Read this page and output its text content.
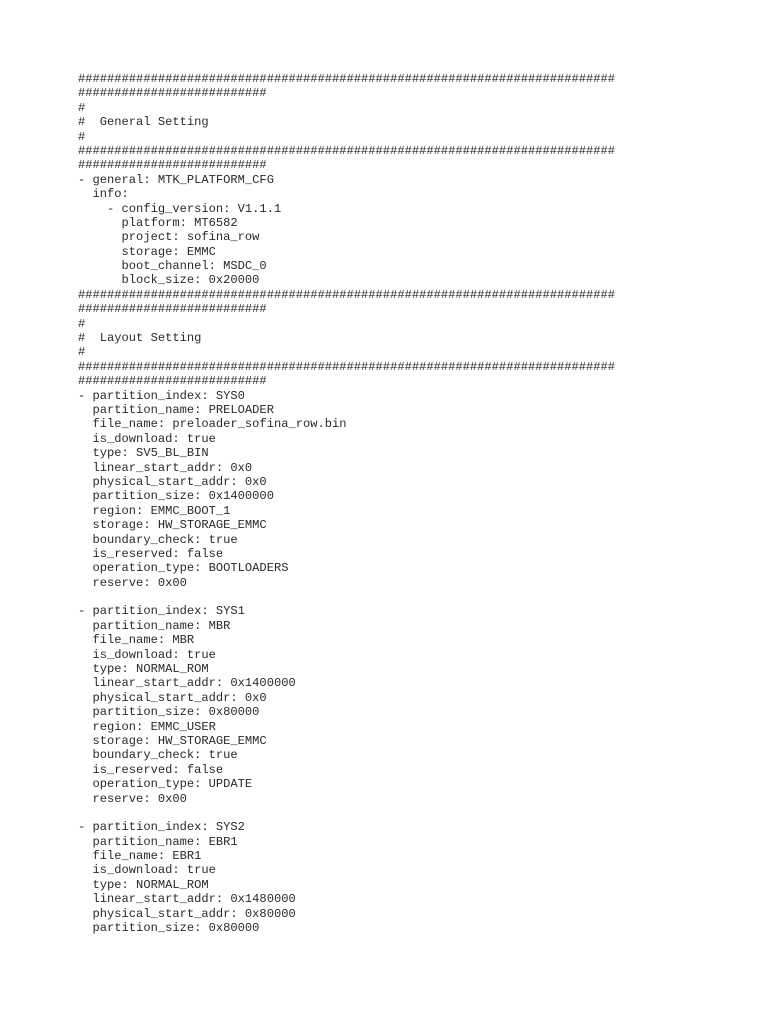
##########################################################################
##########################
#
#  General Setting
#
##########################################################################
##########################
- general: MTK_PLATFORM_CFG
info:
- config_version: V1.1.1
platform: MT6582
project: sofina_row
storage: EMMC
boot_channel: MSDC_0
block_size: 0x20000
##########################################################################
##########################
#
#  Layout Setting
#
##########################################################################
##########################
- partition_index: SYS0
partition_name: PRELOADER
file_name: preloader_sofina_row.bin
is_download: true
type: SV5_BL_BIN
linear_start_addr: 0x0
physical_start_addr: 0x0
partition_size: 0x1400000
region: EMMC_BOOT_1
storage: HW_STORAGE_EMMC
boundary_check: true
is_reserved: false
operation_type: BOOTLOADERS
reserve: 0x00
- partition_index: SYS1
partition_name: MBR
file_name: MBR
is_download: true
type: NORMAL_ROM
linear_start_addr: 0x1400000
physical_start_addr: 0x0
partition_size: 0x80000
region: EMMC_USER
storage: HW_STORAGE_EMMC
boundary_check: true
is_reserved: false
operation_type: UPDATE
reserve: 0x00
- partition_index: SYS2
partition_name: EBR1
file_name: EBR1
is_download: true
type: NORMAL_ROM
linear_start_addr: 0x1480000
physical_start_addr: 0x80000
partition_size: 0x80000
